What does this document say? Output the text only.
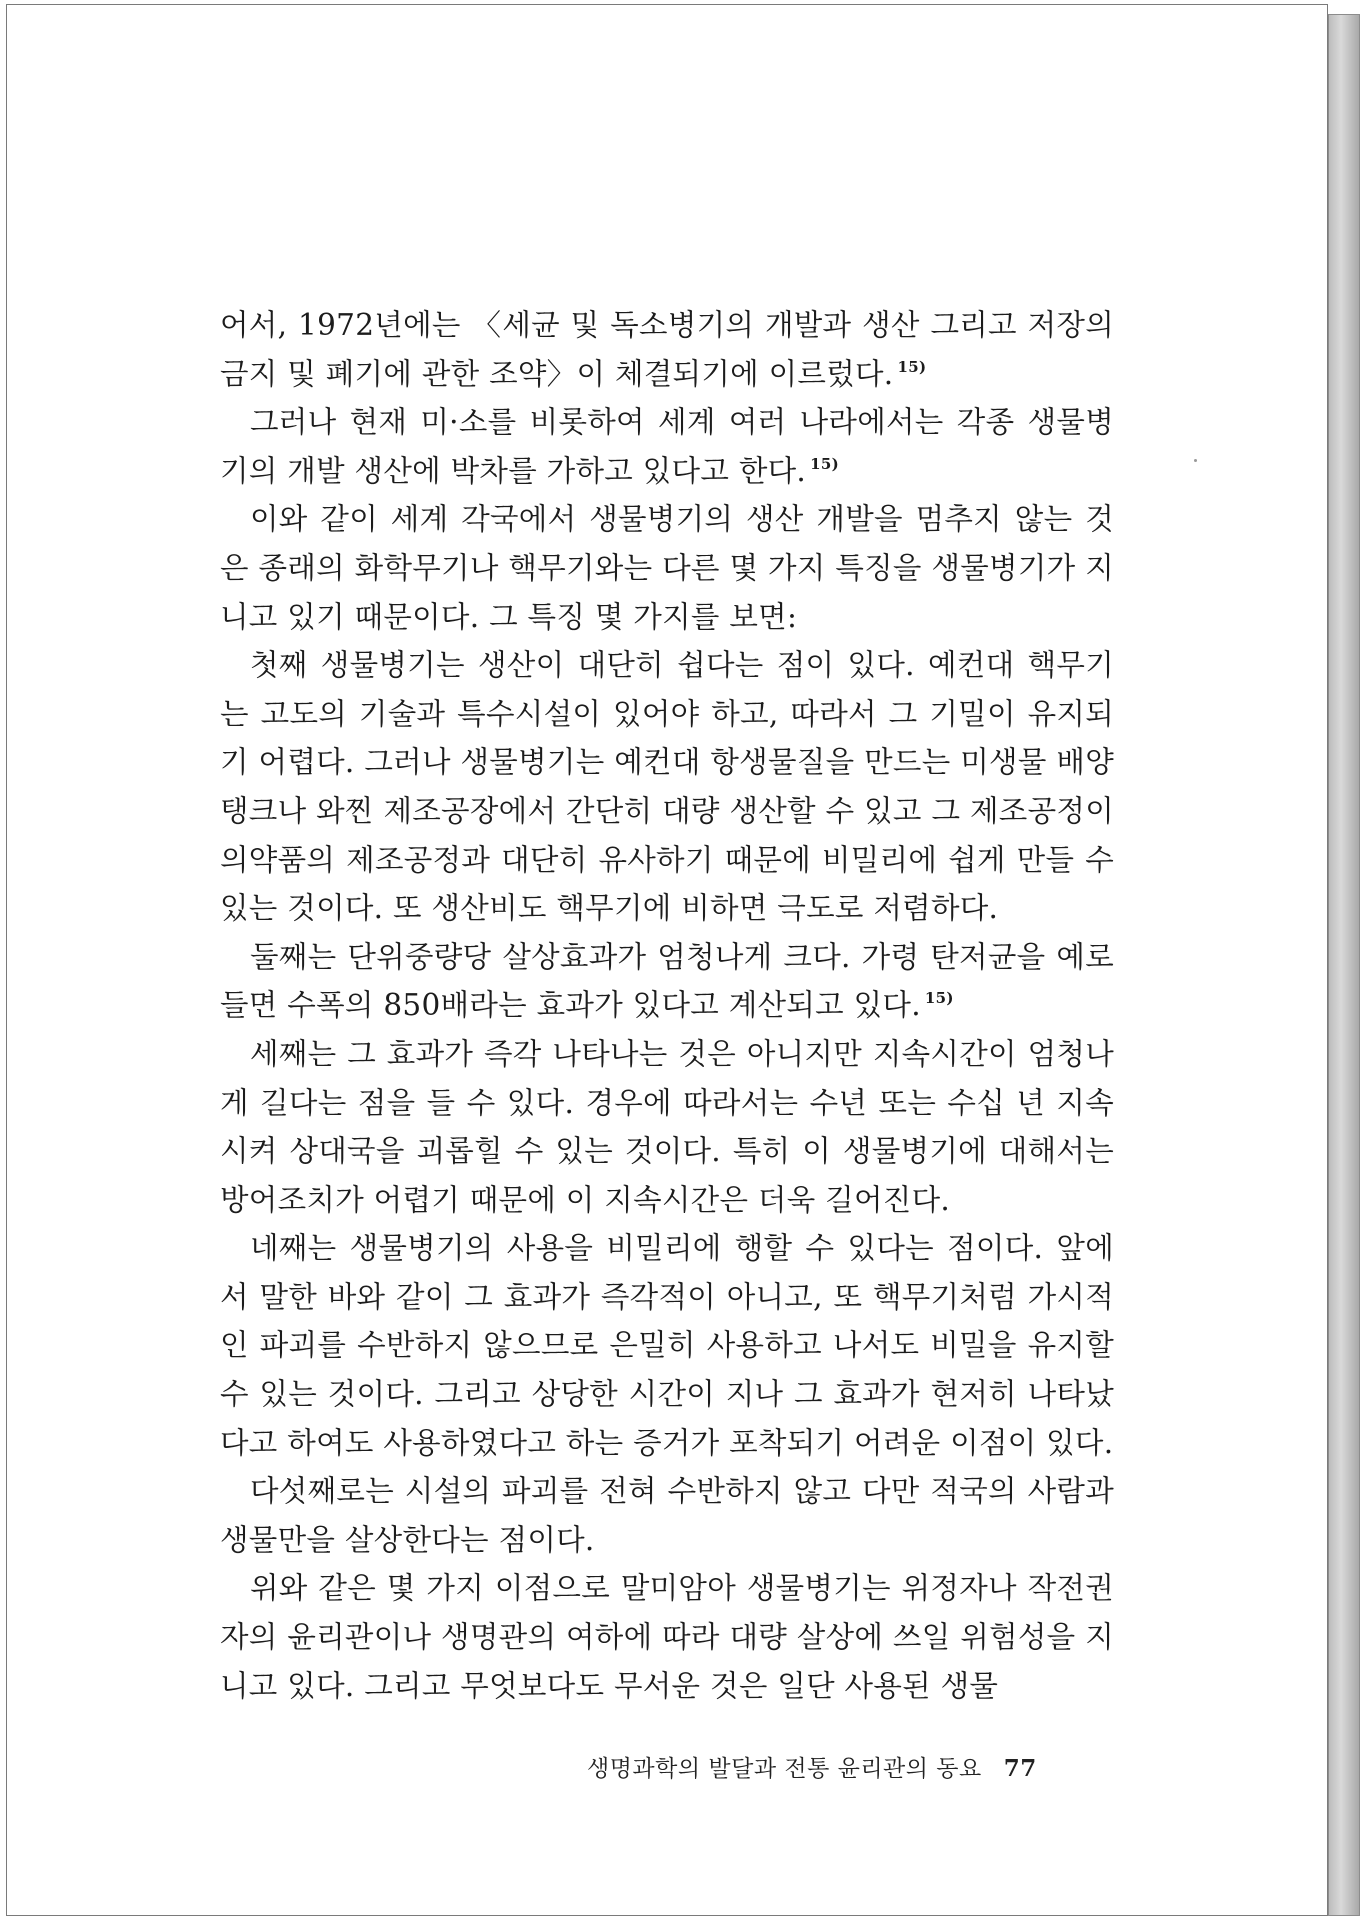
어서, 1972년에는 〈세균 및 독소병기의 개발과 생산 그리고 저장의 금지 및 폐기에 관한 조약〉이 체결되기에 이르렀다. $^{15)}$

그러나 현재 미·소를 비롯하여 세계 여러 나라에서는 각종 생물병기의 개발 생산에 박차를 가하고 있다고 한다. $^{15)}$

이와 같이 세계 각국에서 생물병기의 생산 개발을 멈추지 않는 것은 종래의 화학무기나 핵무기와는 다른 몇 가지 특징을 생물병기가 지니고 있기 때문이다. 그 특징 몇 가지를 보면:

첫째 생물병기는 생산이 대단히 쉽다는 점이 있다. 예컨대 핵무기는 고도의 기술과 특수시설이 있어야 하고, 따라서 그 기밀이 유지되기 어렵다. 그러나 생물병기는 예컨대 항생물질을 만드는 미생물 배양 탱크나 와찐 제조공장에서 간단히 대량 생산할 수 있고 그 제조공정이 의약품의 제조공정과 대단히 유사하기 때문에 비밀리에 쉽게 만들 수 있는 것이다. 또 생산비도 핵무기에 비하면 극도로 저렴하다.

둘째는 단위중량당 살상효과가 엄청나게 크다. 가령 탄저균을 예로 들면 수폭의 850배라는 효과가 있다고 계산되고 있다. $^{15)}$

세째는 그 효과가 즉각 나타나는 것은 아니지만 지속시간이 엄청나게 길다는 점을 들 수 있다. 경우에 따라서는 수년 또는 수십 년 지속시켜 상대국을 괴롭힐 수 있는 것이다. 특히 이 생물병기에 대해서는 방어조치가 어렵기 때문에 이 지속시간은 더욱 길어진다.

네째는 생물병기의 사용을 비밀리에 행할 수 있다는 점이다. 앞에서 말한 바와 같이 그 효과가 즉각적이 아니고, 또 핵무기처럼 가시적인 파괴를 수반하지 않으므로 은밀히 사용하고 나서도 비밀을 유지할 수 있는 것이다. 그리고 상당한 시간이 지나 그 효과가 현저히 나타났다고 하여도 사용하였다고 하는 증거가 포착되기 어려운 이점이 있다.

다섯째로는 시설의 파괴를 전혀 수반하지 않고 다만 적국의 사람과 생물만을 살상한다는 점이다.

위와 같은 몇 가지 이점으로 말미암아 생물병기는 위정자나 작전권자의 윤리관이나 생명관의 여하에 따라 대량 살상에 쓰일 위험성을 지니고 있다. 그리고 무엇보다도 무서운 것은 일단 사용된 생물

생명과학의 발달과 전통 윤리관의 동요 77
